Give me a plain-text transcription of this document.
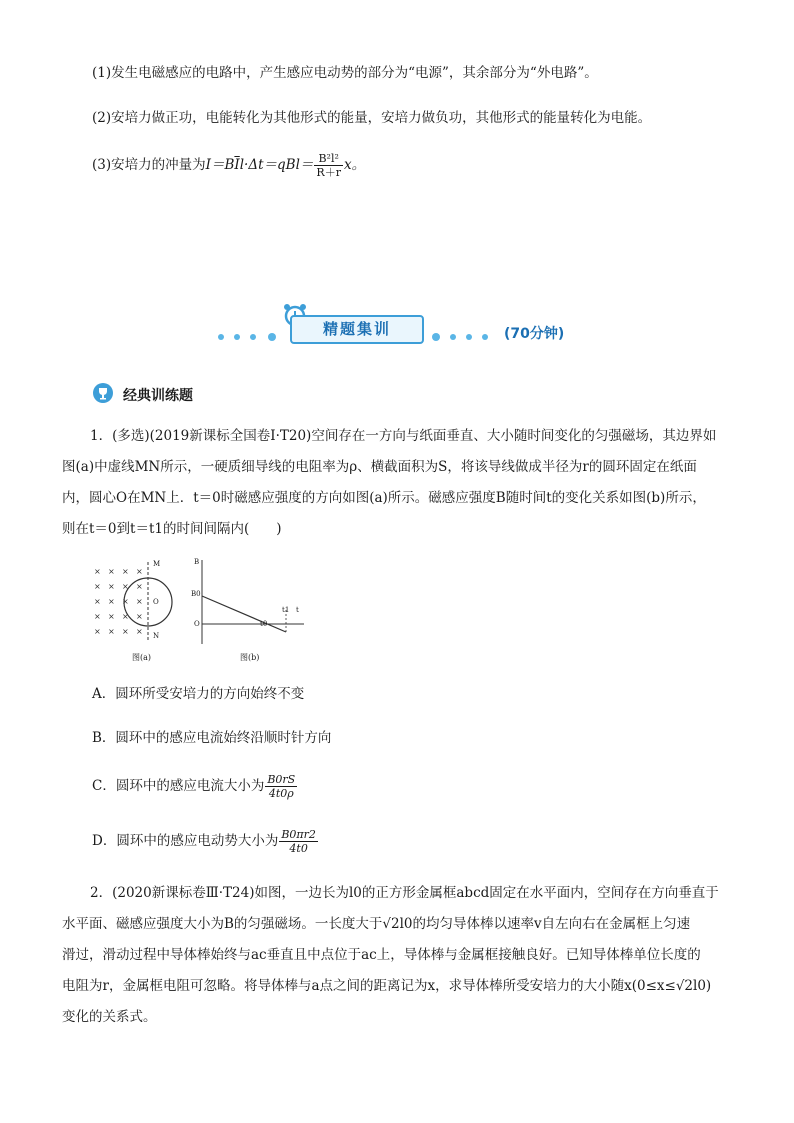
(1)发生电磁感应的电路中，产生感应电动势的部分为“电源”，其余部分为“外电路”。
(2)安培力做正功，电能转化为其他形式的能量，安培力做负功，其他形式的能量转化为电能。
(3)安培力的冲量为$I=B\overline{I}l\cdot\Delta t=qBl= \frac{\text{B²l²}}{R+r}$ x。
精题集训	(70分钟)
经典训练题

1．(多选)(2019新课标全国卷Ⅰ·T20)空间存在一方向与纸面垂直、大小随时间变化的匀强磁场，其边界如

图(a)中虚线MN所示，一硬质细导线的电阻率为ρ、横截面积为S，将该导线做成半径为r的圆环固定在纸面

内，圆心O在MN上．t＝0时磁感应强度的方向如图(a)所示。磁感应强度B随时间t的变化关系如图(b)所示，

则在t＝0到t＝t1的时间间隔内(　　)

× × × ×
× × × ×
× × × ×
× × × ×
× × × ×
M
O
N
B
B0
O	t0
t1 t
图(a)	图(b)
A．圆环所受安培力的方向始终不变
B．圆环中的感应电流始终沿顺时针方向
C．圆环中的感应电流大小为 $\frac{B0rS}{4t0\rho}$
D．圆环中的感应电动势大小为 $\frac{B0\pi r2}{4t0}$

2．(2020新课标卷Ⅲ·T24)如图，一边长为l0的正方形金属框abcd固定在水平面内，空间存在方向垂直于

水平面、磁感应强度大小为B的匀强磁场。一长度大于√2l0的均匀导体棒以速率v自左向右在金属框上匀速

滑过，滑动过程中导体棒始终与ac垂直且中点位于ac上，导体棒与金属框接触良好。已知导体棒单位长度的

电阻为r，金属框电阻可忽略。将导体棒与a点之间的距离记为x，求导体棒所受安培力的大小随x(0≤x≤√2l0)

变化的关系式。
